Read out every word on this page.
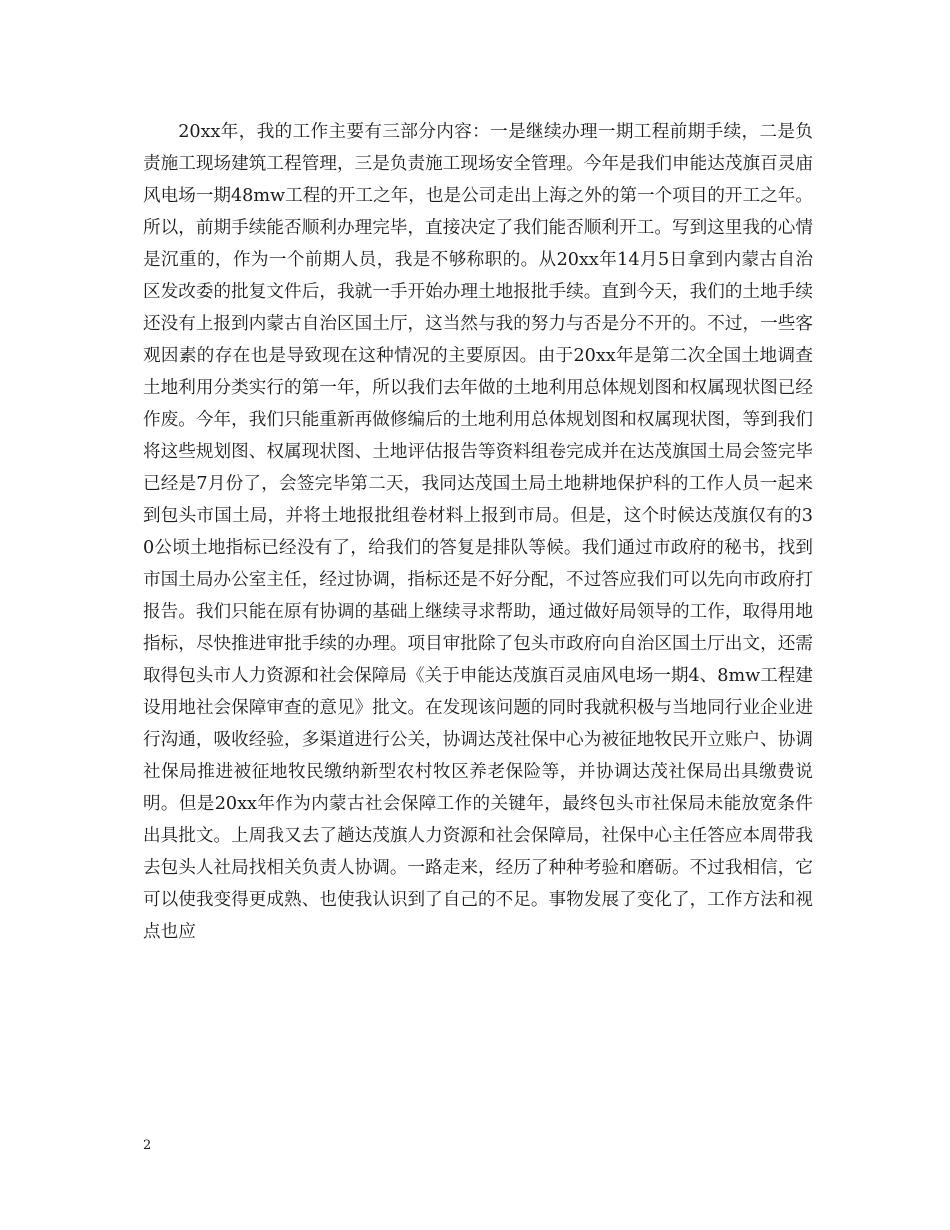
20xx年，我的工作主要有三部分内容：一是继续办理一期工程前期手续，二是负责施工现场建筑工程管理，三是负责施工现场安全管理。今年是我们申能达茂旗百灵庙风电场一期48mw工程的开工之年，也是公司走出上海之外的第一个项目的开工之年。所以，前期手续能否顺利办理完毕，直接决定了我们能否顺利开工。写到这里我的心情是沉重的，作为一个前期人员，我是不够称职的。从20xx年14月5日拿到内蒙古自治区发改委的批复文件后，我就一手开始办理土地报批手续。直到今天，我们的土地手续还没有上报到内蒙古自治区国土厅，这当然与我的努力与否是分不开的。不过，一些客观因素的存在也是导致现在这种情况的主要原因。由于20xx年是第二次全国土地调查土地利用分类实行的第一年，所以我们去年做的土地利用总体规划图和权属现状图已经作废。今年，我们只能重新再做修编后的土地利用总体规划图和权属现状图，等到我们将这些规划图、权属现状图、土地评估报告等资料组卷完成并在达茂旗国土局会签完毕已经是7月份了，会签完毕第二天，我同达茂国土局土地耕地保护科的工作人员一起来到包头市国土局，并将土地报批组卷材料上报到市局。但是，这个时候达茂旗仅有的30公顷土地指标已经没有了，给我们的答复是排队等候。我们通过市政府的秘书，找到市国土局办公室主任，经过协调，指标还是不好分配，不过答应我们可以先向市政府打报告。我们只能在原有协调的基础上继续寻求帮助，通过做好局领导的工作，取得用地指标，尽快推进审批手续的办理。项目审批除了包头市政府向自治区国土厅出文，还需取得包头市人力资源和社会保障局《关于申能达茂旗百灵庙风电场一期4、8mw工程建设用地社会保障审查的意见》批文。在发现该问题的同时我就积极与当地同行业企业进行沟通，吸收经验，多渠道进行公关，协调达茂社保中心为被征地牧民开立账户、协调社保局推进被征地牧民缴纳新型农村牧区养老保险等，并协调达茂社保局出具缴费说明。但是20xx年作为内蒙古社会保障工作的关键年，最终包头市社保局未能放宽条件出具批文。上周我又去了趟达茂旗人力资源和社会保障局，社保中心主任答应本周带我去包头人社局找相关负责人协调。一路走来，经历了种种考验和磨砺。不过我相信，它可以使我变得更成熟、也使我认识到了自己的不足。事物发展了变化了，工作方法和视点也应

2
